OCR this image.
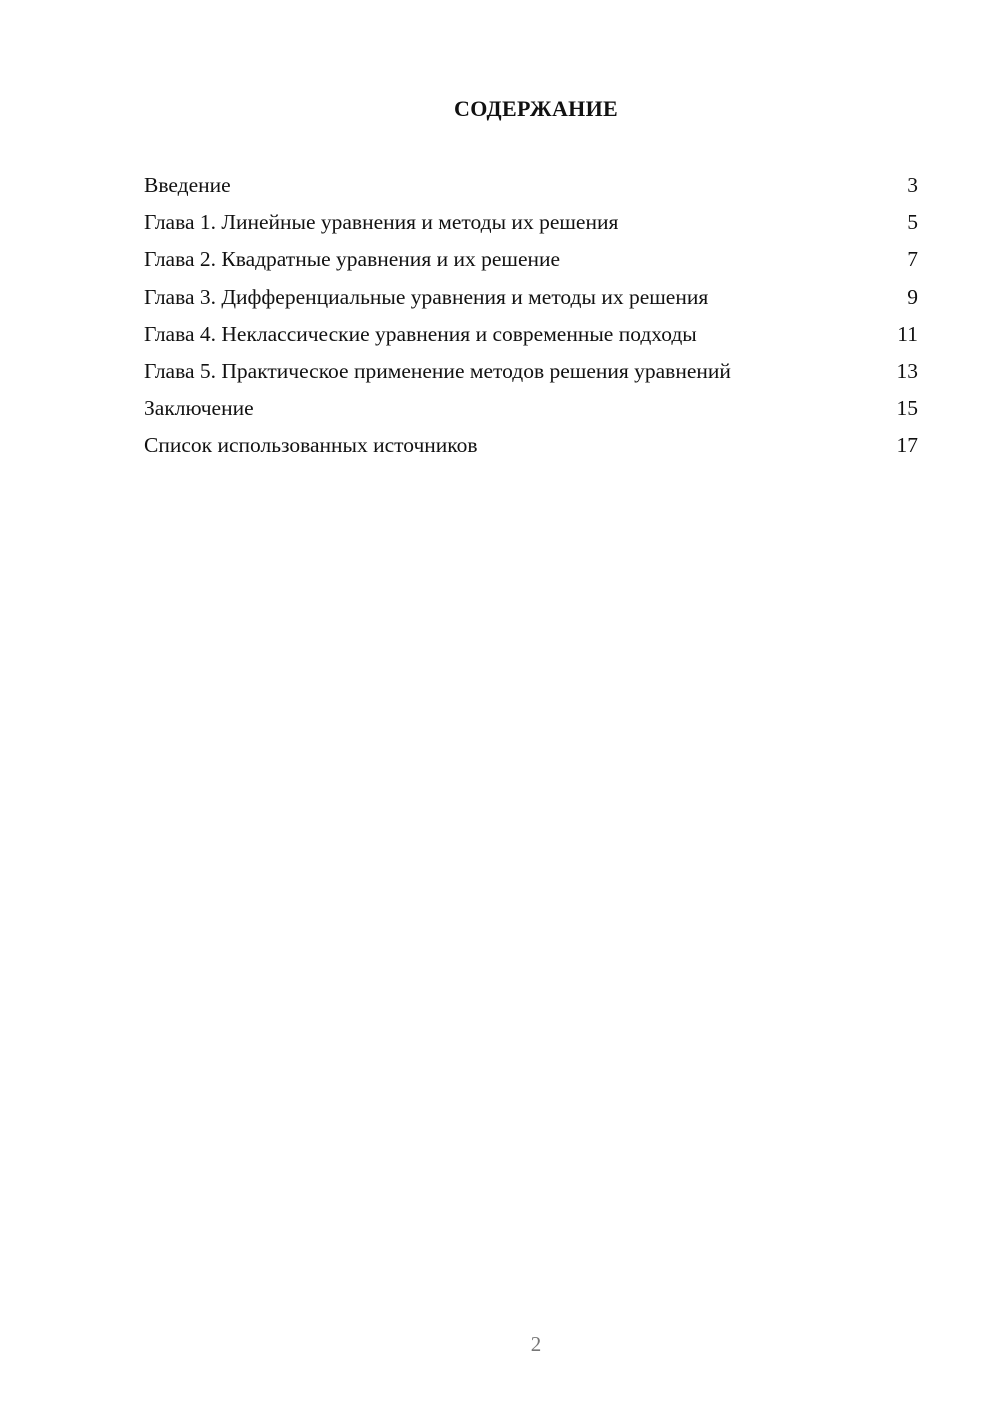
СОДЕРЖАНИЕ
Введение	3
Глава 1. Линейные уравнения и методы их решения	5
Глава 2. Квадратные уравнения и их решение	7
Глава 3. Дифференциальные уравнения и методы их решения	9
Глава 4. Неклассические уравнения и современные подходы	11
Глава 5. Практическое применение методов решения уравнений	13
Заключение	15
Список использованных источников	17
2
